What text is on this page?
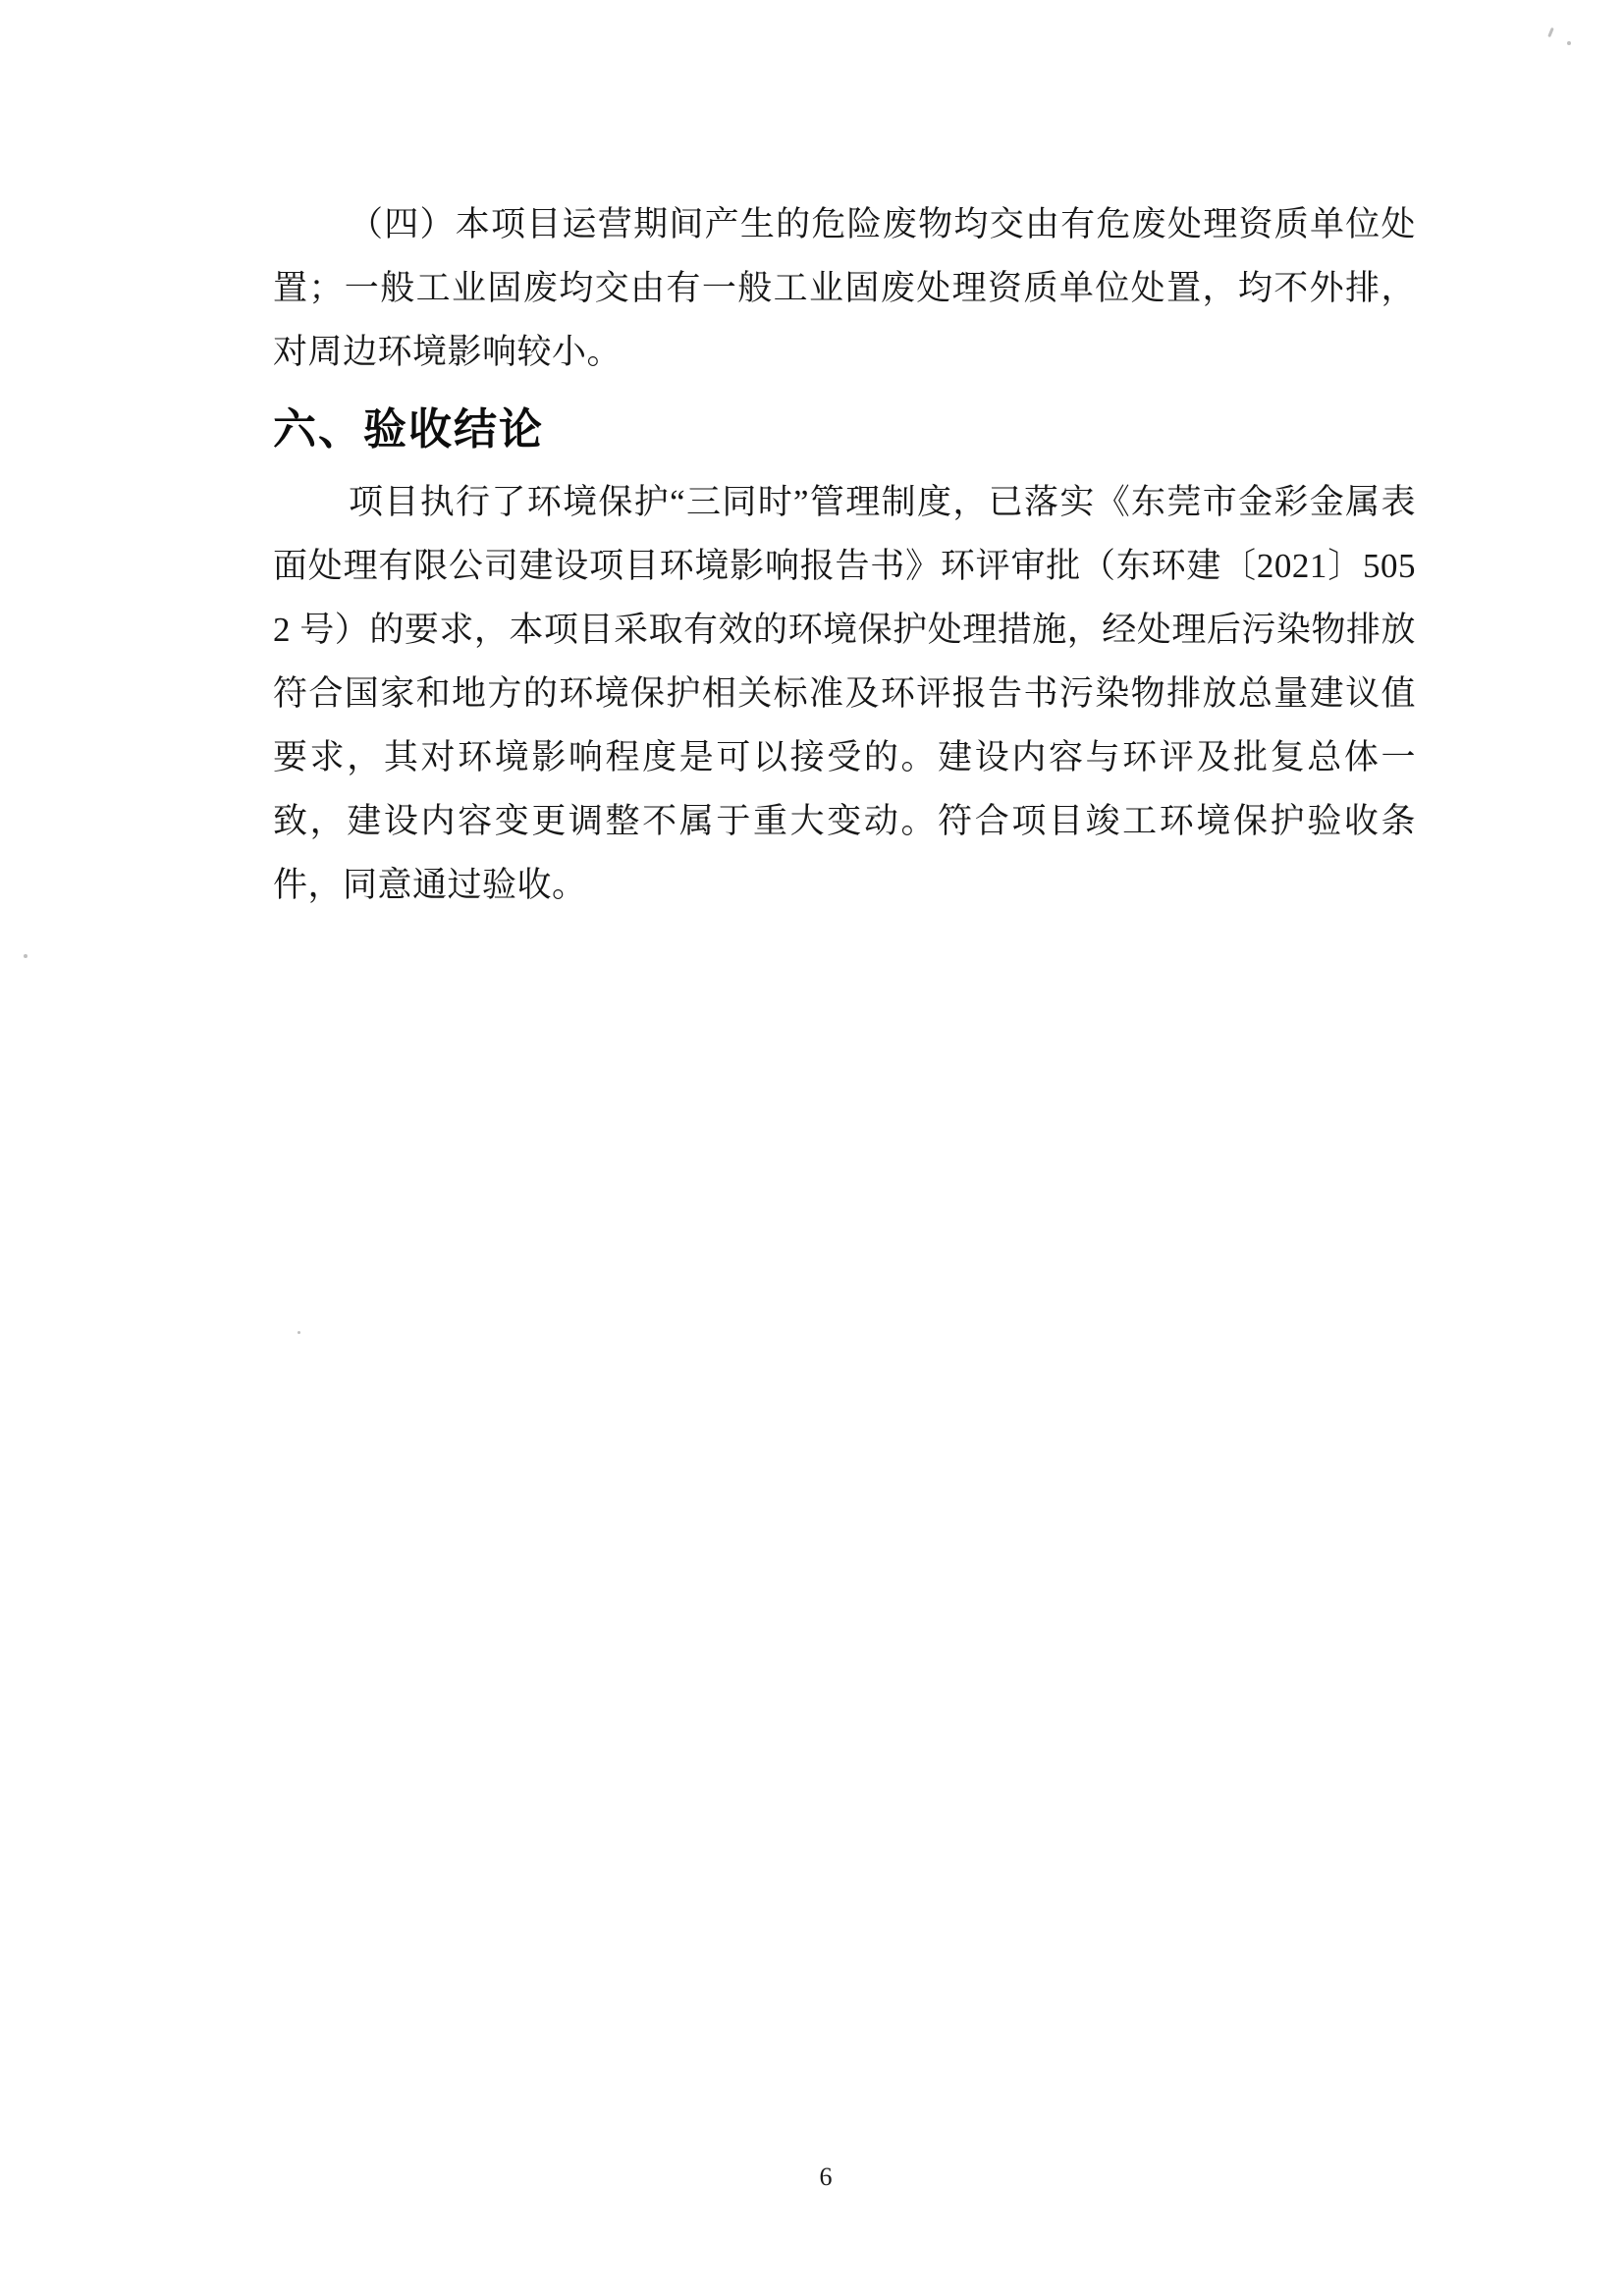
（四）本项目运营期间产生的危险废物均交由有危废处理资质单位处置；一般工业固废均交由有一般工业固废处理资质单位处置，均不外排，对周边环境影响较小。

六、验收结论

项目执行了环境保护“三同时”管理制度，已落实《东莞市金彩金属表面处理有限公司建设项目环境影响报告书》环评审批（东环建〔2021〕5052 号）的要求，本项目采取有效的环境保护处理措施，经处理后污染物排放符合国家和地方的环境保护相关标准及环评报告书污染物排放总量建议值要求，其对环境影响程度是可以接受的。建设内容与环评及批复总体一致，建设内容变更调整不属于重大变动。符合项目竣工环境保护验收条件，同意通过验收。

6
